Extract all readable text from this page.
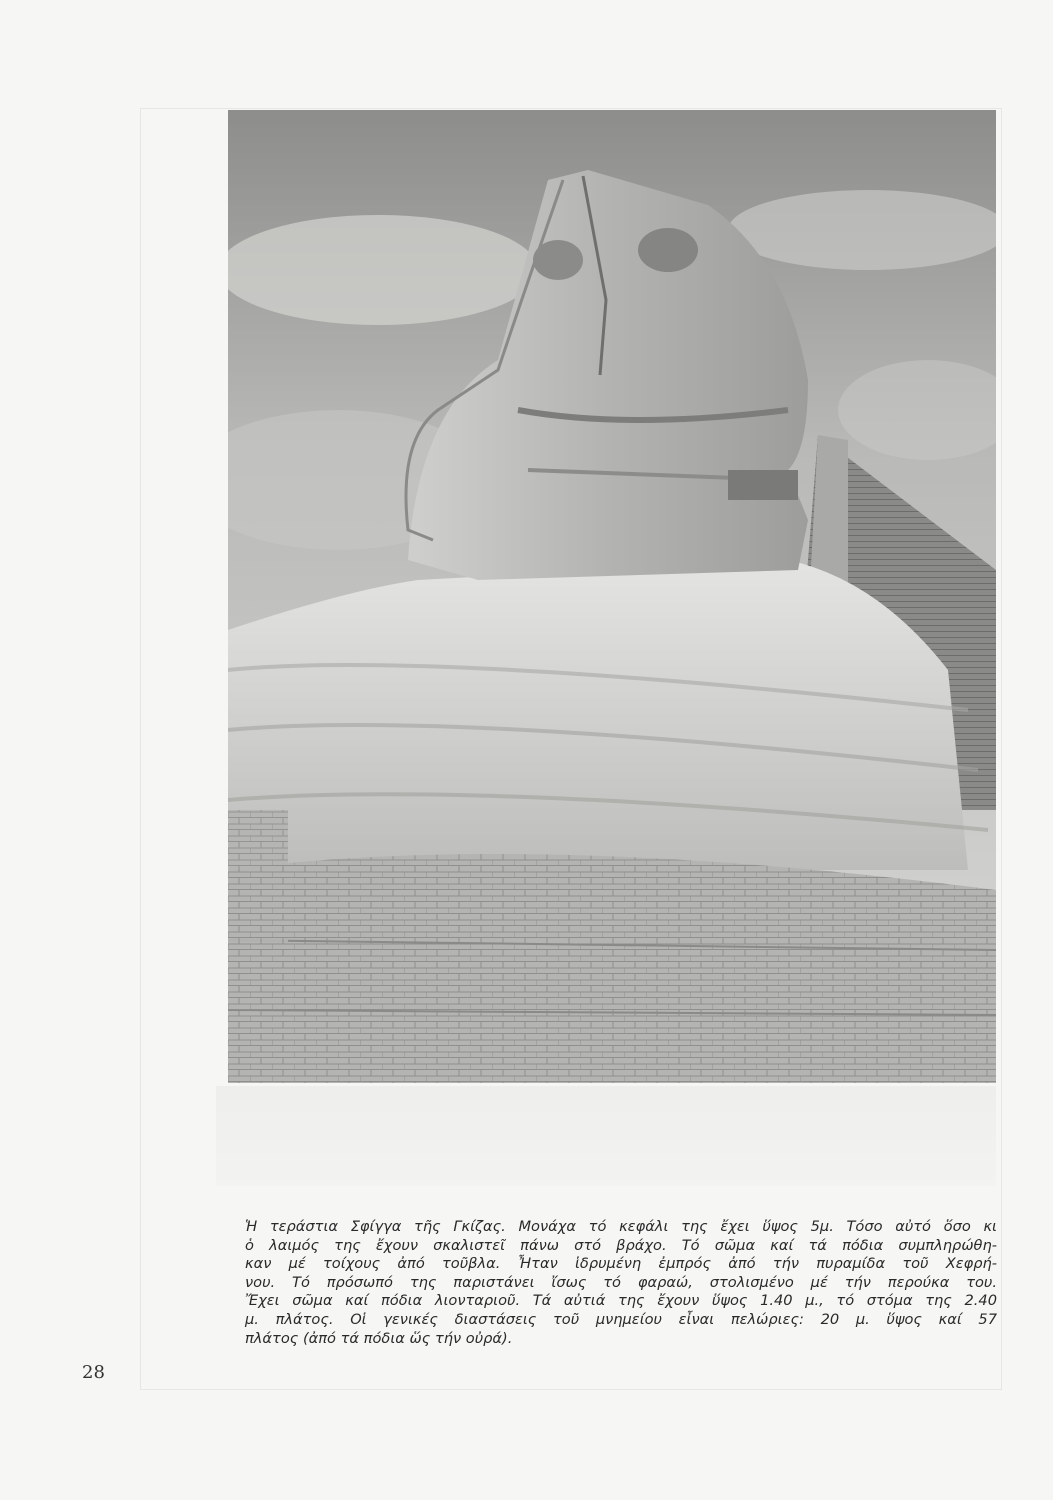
Ἡ τεράστια Σφίγγα τῆς Γκίζας. Μονάχα τό κεφάλι της ἔχει ὕψος 5μ. Τόσο αὐτό ὅσο κι
ὁ λαιμός της ἔχουν σκαλιστεῖ πάνω στό βράχο. Τό σῶμα καί τά πόδια συμπληρώθη-
καν μέ τοίχους ἀπό τοῦβλα. Ἦταν ἱδρυμένη ἐμπρός ἀπό τήν πυραμίδα τοῦ Χεφρή-
νου. Τό πρόσωπό της παριστάνει ἴσως τό φαραώ, στολισμένο μέ τήν περούκα του.
Ἔχει σῶμα καί πόδια λιονταριοῦ. Τά αὐτιά της ἔχουν ὕψος 1.40 μ., τό στόμα της 2.40
μ. πλάτος. Οἱ γενικές διαστάσεις τοῦ μνημείου εἶναι πελώριες: 20 μ. ὕψος καί 57
πλάτος (ἀπό τά πόδια ὥς τήν οὐρά).
28
